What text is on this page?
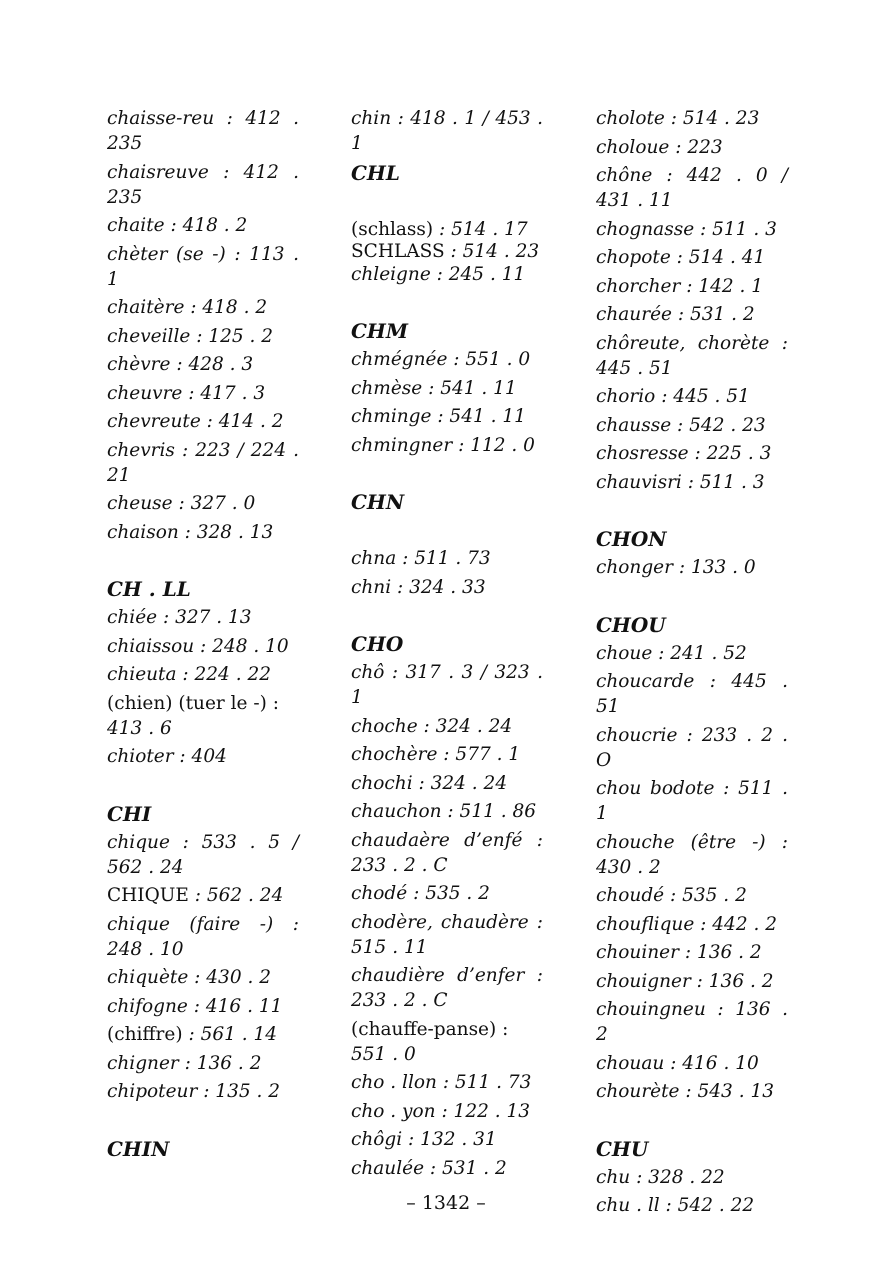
chaisse-reu : 412 . 235
chaisreuve : 412 . 235
chaite : 418 . 2
chèter (se -) : 113 . 1
chaitère : 418 . 2
cheveille : 125 . 2
chèvre : 428 . 3
cheuvre : 417 . 3
chevreute : 414 . 2
chevris : 223 / 224 . 21
cheuse : 327 . 0
chaison : 328 . 13
CH . LL
chiée : 327 . 13
chiaissou : 248 . 10
chieuta : 224 . 22
(chien) (tuer le -) :
413 . 6
chioter : 404
CHI
chique : 533 . 5 / 562 . 24
CHIQUE : 562 . 24
chique (faire -) : 248 . 10
chiquète : 430 . 2
chifogne : 416 . 11
(chiffre) : 561 . 14
chigner : 136 . 2
chipoteur : 135 . 2
CHIN
chin : 418 . 1 / 453 . 1
CHL
(schlass) : 514 . 17
SCHLASS : 514 . 23
chleigne : 245 . 11
CHM
chmégnée : 551 . 0
chmèse : 541 . 11
chminge : 541 . 11
chmingner : 112 . 0
CHN
chna : 511 . 73
chni : 324 . 33
CHO
chô : 317 . 3 / 323 . 1
choche : 324 . 24
chochère : 577 . 1
chochi : 324 . 24
chauchon : 511 . 86
chaudaère d’enfé : 233 . 2 . C
chodé : 535 . 2
chodère, chaudère : 515 . 11
chaudière d’enfer : 233 . 2 . C
(chauffe-panse) :
551 . 0
cho . llon : 511 . 73
cho . yon : 122 . 13
chôgi : 132 . 31
chaulée : 531 . 2
cholote : 514 . 23
choloue : 223
chône : 442 . 0 / 431 . 11
chognasse : 511 . 3
chopote : 514 . 41
chorcher : 142 . 1
chaurée : 531 . 2
chôreute, chorète : 445 . 51
chorio : 445 . 51
chausse : 542 . 23
chosresse : 225 . 3
chauvisri : 511 . 3
CHON
chonger : 133 . 0
CHOU
choue : 241 . 52
choucarde : 445 . 51
choucrie : 233 . 2 . O
chou bodote : 511 . 1
chouche (être -) : 430 . 2
choudé : 535 . 2
chouflique : 442 . 2
chouiner : 136 . 2
chouigner : 136 . 2
chouingneu : 136 . 2
chouau : 416 . 10
chourète : 543 . 13
CHU
chu : 328 . 22
chu . ll : 542 . 22
– 1342 –
